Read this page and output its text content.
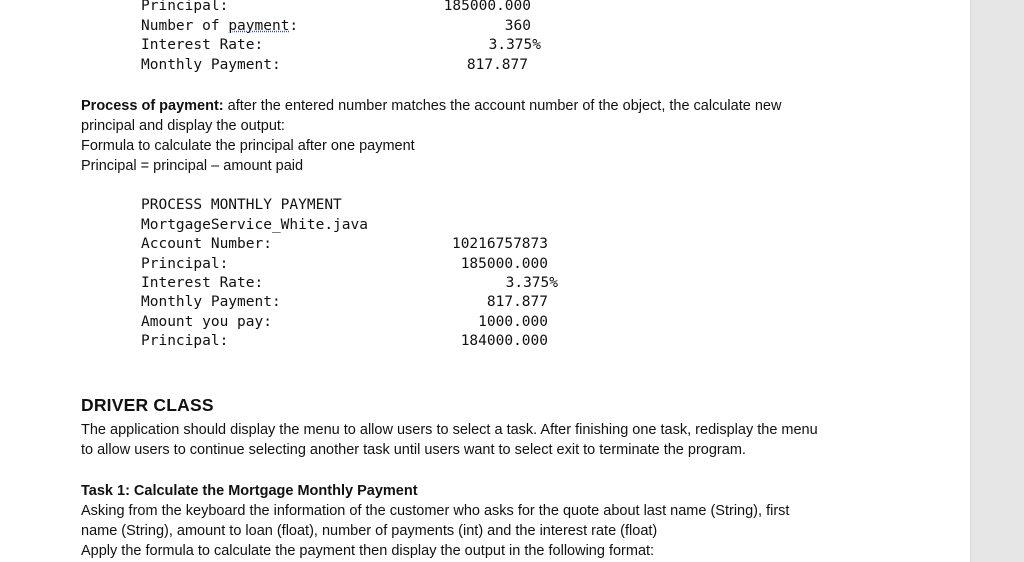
Principal:	185000.000
Number of payment:	360
Interest Rate:	3.375%
Monthly Payment:	817.877
Process of payment: after the entered number matches the account number of the object, the calculate new
principal and display the output:
Formula to calculate the principal after one payment
Principal = principal – amount paid
PROCESS MONTHLY PAYMENT
MortgageService_White.java
Account Number:	10216757873
Principal:	185000.000
Interest Rate:	3.375%
Monthly Payment:	817.877
Amount you pay:	1000.000
Principal:	184000.000
DRIVER CLASS
The application should display the menu to allow users to select a task. After finishing one task, redisplay the menu
to allow users to continue selecting another task until users want to select exit to terminate the program.
Task 1: Calculate the Mortgage Monthly Payment
Asking from the keyboard the information of the customer who asks for the quote about last name (String), first
name (String), amount to loan (float), number of payments (int) and the interest rate (float)
Apply the formula to calculate the payment then display the output in the following format:
